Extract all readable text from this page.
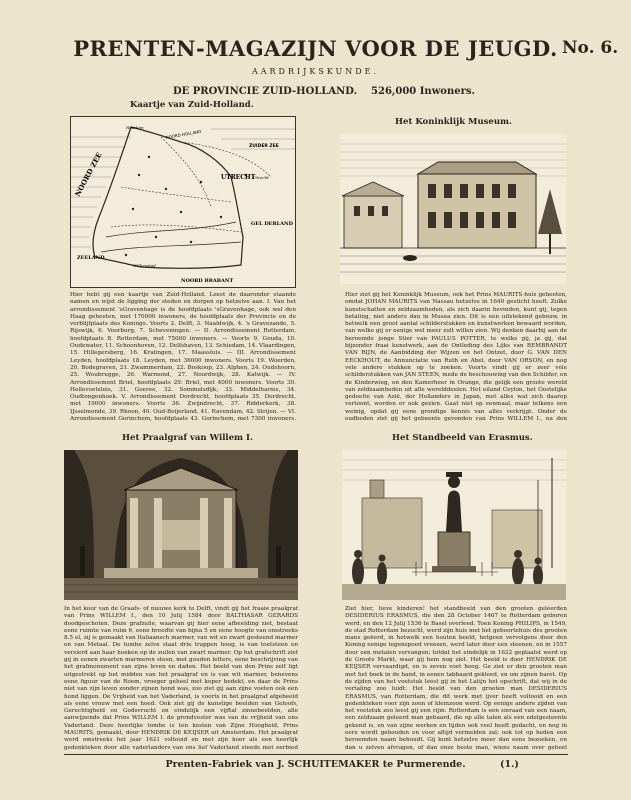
PRENTEN-MAGAZIJN VOOR DE JEUGD. No. 6.
AARDRIJKSKUNDE.
DE PROVINCIE ZUID-HOLLAND. 526,000 Inwoners.
Kaartje van Zuid-Holland.
NOORD ZEE
ZUIDER ZEE
NOORD HOLLAND
UTRECHT
GEL DERLAND
ZEELAND
NOORD BRABANT
Haarlem
Utrecht
Willemstad

Hier hebt gij een kaartje van Zuid-Holland. Leest de daaronder staande namen en wijst de ligging der steden en dorpen op hetzelve aan. I. Van het arrondissement 'sGravenhage is de hoofdplaats 'sGravenhage, ook wel den Haag geheeten, met 170000 inwoners, de hoofdplaats der Provincie en de verblijfplaats des Konings. Voorts 2. Delft, 3. Naaldwijk, 4. 's Gravezande, 5. Rijswijk, 6. Voorburg, 7. Scheveningen. — II. Arrondissement Rotterdam, hoofdplaats 8. Rotterdam, met 75000 inwoners. — Voorts 9. Gouda, 10. Oudewater, 11. Schoonhoven, 12. Delfshaven, 13. Schiedam, 14. Vlaardingen, 15. Hillegersberg, 16. Kralingen, 17. Maassluis. — III. Arrondissement Leyden, hoofdplaats 18. Leyden, met 36000 inwoners. Voorts 19. Woerden, 20. Bodegraven, 21. Zwammerdam, 22. Boskoop, 23. Alphen, 24. Oudshoorn, 25. Woubrugge, 26. Warmond, 27. Noordwijk, 28. Katwijk. — IV. Arrondissement Briel, hoofdplaats 29. Briel, met 4000 inwoners. Voorts 30. Hellevoetsluis, 31. Goeree, 32. Sommelsdijk, 33. Middelharnis, 34. Oudtongenhoek. V. Arrondissement Dordrecht, hoofdplaats 35. Dordrecht, met 19000 inwoners. Voorts 36. Zwijndrecht, 37. Ridderkerk, 38. IJsselmonde, 39. Rhoon, 40. Oud-Beijerland, 41. Ravendam, 42. Strijen. — VI. Arrondissement Gorinchem, hoofdplaats 43. Gorinchem, met 7300 inwoners.

Het Koninklijk Museum.

Hier ziet gij het Koninklijk Museum, ook het Prins MAURITS-huis geheeten, omdat JOHAN MAURITS van Nassau hetzelve in 1640 gesticht heeft. Zulke kunstschatten en zeldzaamheden, als zich daarin bevinden, kunt gij, tegen betaling, niet anders dan in Musea zien. Dit is een uitstekend gebouw, in hetwelk een groot aantal schilderstukken en kunstwerken bewaard worden, van welke gij er eenige wel meer zult willen zien. Wij denken daarbij aan de beroemde jonge Stier van PAULUS POTTER, te welks gij, ja gij, dat bijzonder fraai kunstwerk, aan de Ontleding des Lijks van REMBRANDT VAN RIJN, de Aanbidding der Wijzen en het Ontzet, door G. VAN DEN EECKHOUT, de Annunciatie van Ruth en Abel, door VAN ORSON, en nog vele andere stukken op te zoeken. Voorts vindt gij er zeer vele schilderstukken van JAN STEEN, mede de beschouwing van den Schilder, en de Kinderwieg, en den Kamerheer in Orange, die gelijk een groote wereld van zeldzaamheden uit alle werelddeelen. Het eiland Ceylon, het Oostelijke gedeelte van Azië, der Hollanders in Japan, met alles wat zich daarop vertoont, worden er ook gezien. Gaat niet op eenmaal, maar telkens een weinig, opdat gij eene grondige kennis van alles verkrijgt. Onder de oudheden ziet gij het gebeente gevonden van Prins WILLEM I., na den

Het Praalgraf van Willem I.

In het koor van de Graafs- of nieuwe kerk te Delft, vindt gij het fraaie praalgraf van Prins WILLEM I., den 10 Julij 1584 door BALTHASAR GERARDS doodgeschoten. Deze grafzuile, waarvan gij hier eene afbeelding ziet, bestaat eene ruimte van ruim 6, eene breedte van bijna 5 en eene hoogte van omstreeks 8.5 el, zij is gemaakt van Italiaansch marmer, van wit en zwart gesteend marmer en van Metaal. De tombe zelve staat drie trappen hoog, is van toetsteen en versierd aan haar hoeken op de zuilen van zwart marmer. Op het grafschrift ziet gij in eenen zwarten marmeren steen, met gouden letters, eene beschrijving van het grafmonument van zijne leven en daden. Het beeld van den Prins zelf ligt uitgestrekt op het midden van het praalgraf en is van wit marmer, benevens eene figuur van de Roem, vroeger geheel met koper bedekt, en daar de Prins niet van zijn leven zonder zijnen hond was, zoo ziet gij aan zijne voeten ook een hond liggen. De Vrijheid van het Vaderland, is voorts in het praalgraf afgebeeld als eene vrouw met een hoed. Ook ziet gij de kunstige beelden van Geloofs, Gerechtigheid en Godsvrucht en eindelijk een vijftal zinnebeelden, alle aanwijzende dat Prins WILLEM I. de grondvester was van de vrijheid van ons Vaderland. Deze heerlijke tombe is ten kosten van Zijne Hoogheid, Prins MAURITS, gemaakt, door HENDRIK DE KEIJSER uit Amsterdam. Het praalgraf werd omstreeks het jaar 1621 voltooid en met zijn koer als een heerlijk gedenkteken door alle vaderlanders van ons lief Vaderland steeds met eerbied

Het Standbeeld van Erasmus.

Ziet hier, lieve kinderen! het standbeeld van den grooten geleerden DESIDERIUS ERASMUS, die den 28 October 1467 te Rotterdam geboren werd, en den 12 Julij 1536 te Basel overleed. Toen Koning PHILIPS, in 1549, de stad Rotterdam bezocht, werd zijn huis met het geboortehuis des grooten mans geëerd, in hetwelk een houten beeld, hetgeen vervolgens door den Koning eenige tegenspoed vreezen, werd later door een steenen, en in 1557 door een metalen vervangen; totdat het eindelijk in 1622 geplaatst werd op de Groote Markt, waar gij hem nog ziet. Het beeld is door HENDRIK DE KEIJSER vervaardigd, en is zeven voet hoog. Ge ziet er den grooten man met het boek in de hand, in eenen tabbaard gekleed, en om zijnen baret. Op de zijden van het voetstuk leest gij in het Latijn het opschrift, dat wij in de vertaling zoo luidt: Het beeld van den grooten man DESIDERIUS ERASMUS, van Rotterdam, die dit werk met ijver heeft voltooid en een gedenkteken voor zijn zoon of kleinzoon werd. Op eenige andere zijden van het voetstuk zoo leest gij een rijm: Rotterdam is een sieraad van een naam, een zeldzaam geleerd man gebaard, die op alle talen als een edelgesteente gekend is, en van zijne werken en tijden ook veel heeft gedacht, en nog in eere wordt gehouden en voor altijd vermelden zal; ook tot op heden een beroemden naam behoudt. Gij kunt hetzelve meer dan eens bezoeken, en dan u zelven afvragen, of dan onze beste man, wiens naam over geheel

Prenten-Fabriek van J. SCHUITEMAKER te Purmerende.	(1.)
